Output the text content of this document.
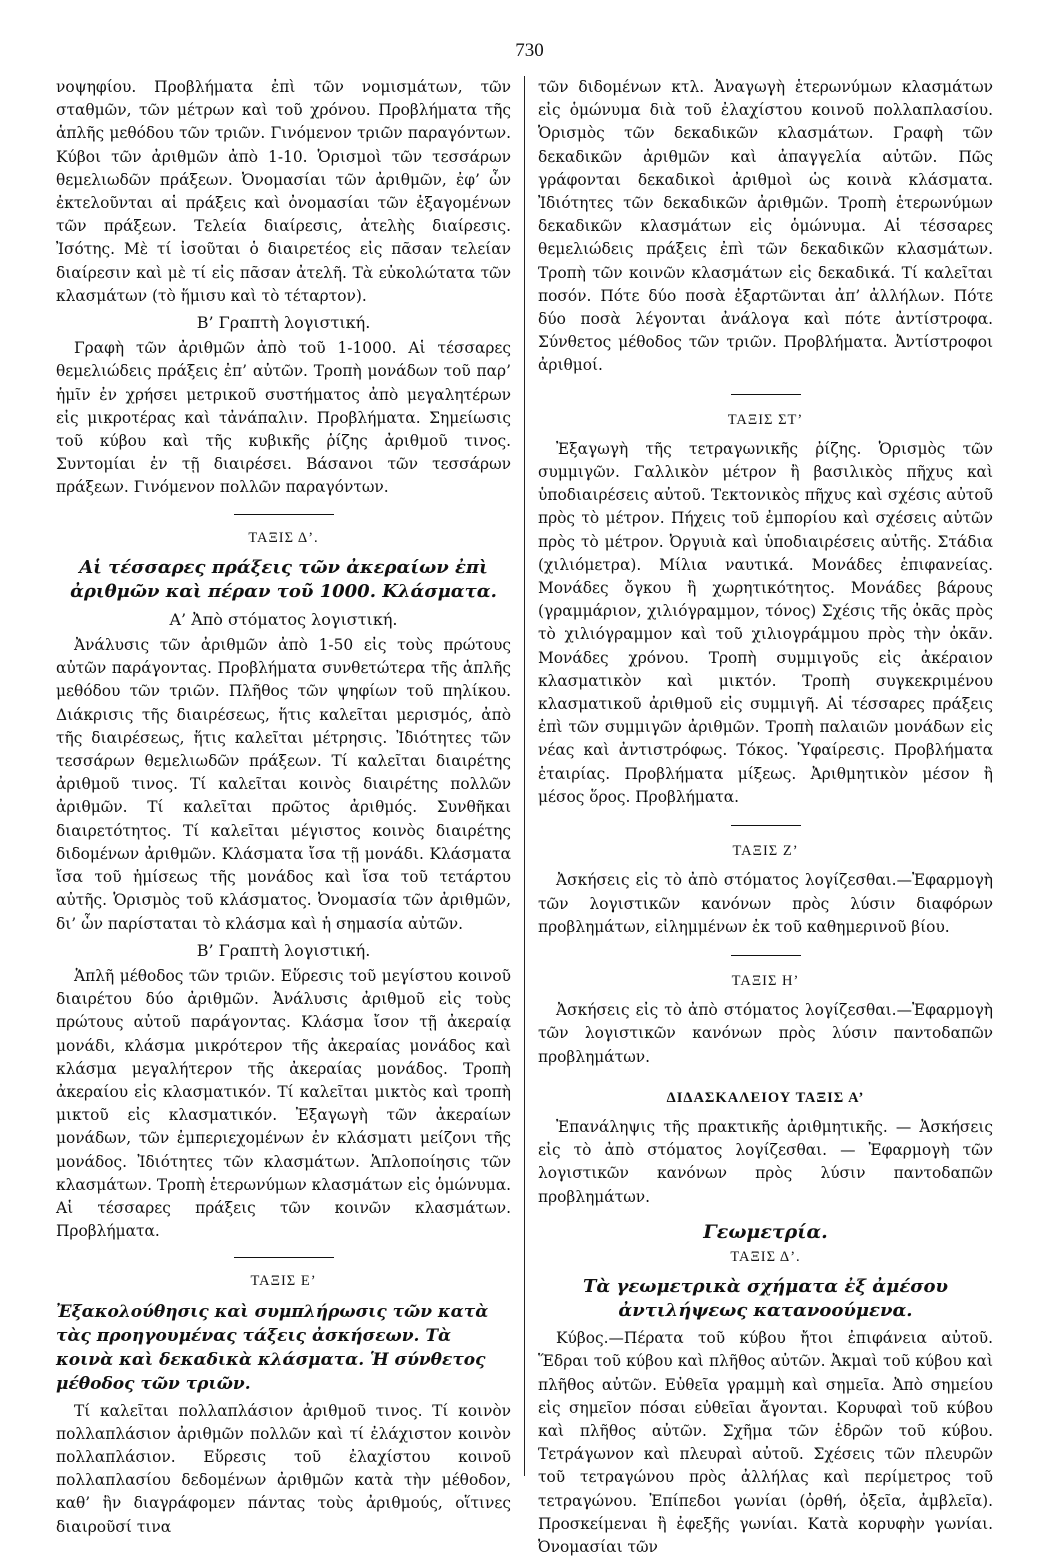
730

νοψηφίου. Προβλήματα ἐπὶ τῶν νομισμάτων, τῶν σταθμῶν, τῶν μέτρων καὶ τοῦ χρόνου. Προβλήματα τῆς ἁπλῆς μεθόδου τῶν τριῶν. Γινόμενον τριῶν παραγόντων. Κύβοι τῶν ἀριθμῶν ἀπὸ 1-10. Ὁρισμοὶ τῶν τεσσάρων θεμελιωδῶν πράξεων. Ὀνομασίαι τῶν ἀριθμῶν, ἐφ’ ὧν ἐκτελοῦνται αἱ πράξεις καὶ ὀνομασίαι τῶν ἐξαγομένων τῶν πράξεων. Τελεία διαίρεσις, ἀτελὴς διαίρεσις. Ἰσότης. Μὲ τί ἰσοῦται ὁ διαιρετέος εἰς πᾶσαν τελείαν διαίρεσιν καὶ μὲ τί εἰς πᾶσαν ἀτελῆ. Τὰ εὐκολώτατα τῶν κλασμάτων (τὸ ἥμισυ καὶ τὸ τέταρτον).

Β’ Γραπτὴ λογιστική.

Γραφὴ τῶν ἀριθμῶν ἀπὸ τοῦ 1-1000. Αἱ τέσσαρες θεμελιώδεις πράξεις ἐπ’ αὐτῶν. Τροπὴ μονάδων τοῦ παρ’ ἡμῖν ἐν χρήσει μετρικοῦ συστήματος ἀπὸ μεγαλητέρων εἰς μικροτέρας καὶ τἀνάπαλιν. Προβλήματα. Σημείωσις τοῦ κύβου καὶ τῆς κυβικῆς ῥίζης ἀριθμοῦ τινος. Συντομίαι ἐν τῇ διαιρέσει. Βάσανοι τῶν τεσσάρων πράξεων. Γινόμενον πολλῶν παραγόντων.

ΤΑΞΙΣ Δ’.
Αἱ τέσσαρες πράξεις τῶν ἀκεραίων ἐπὶ ἀριθμῶν καὶ πέραν τοῦ 1000. Κλάσματα.
Α’ Ἀπὸ στόματος λογιστική.

Ἀνάλυσις τῶν ἀριθμῶν ἀπὸ 1-50 εἰς τοὺς πρώτους αὐτῶν παράγοντας. Προβλήματα συνθετώτερα τῆς ἁπλῆς μεθόδου τῶν τριῶν. Πλῆθος τῶν ψηφίων τοῦ πηλίκου. Διάκρισις τῆς διαιρέσεως, ἥτις καλεῖται μερισμός, ἀπὸ τῆς διαιρέσεως, ἥτις καλεῖται μέτρησις. Ἰδιότητες τῶν τεσσάρων θεμελιωδῶν πράξεων. Τί καλεῖται διαιρέτης ἀριθμοῦ τινος. Τί καλεῖται κοινὸς διαιρέτης πολλῶν ἀριθμῶν. Τί καλεῖται πρῶτος ἀριθμός. Συνθῆκαι διαιρετότητος. Τί καλεῖται μέγιστος κοινὸς διαιρέτης διδομένων ἀριθμῶν. Κλάσματα ἴσα τῇ μονάδι. Κλάσματα ἴσα τοῦ ἡμίσεως τῆς μονάδος καὶ ἴσα τοῦ τετάρτου αὐτῆς. Ὁρισμὸς τοῦ κλάσματος. Ὀνομασία τῶν ἀριθμῶν, δι’ ὧν παρίσταται τὸ κλάσμα καὶ ἡ σημασία αὐτῶν.

Β’ Γραπτὴ λογιστική.

Ἁπλῆ μέθοδος τῶν τριῶν. Εὕρεσις τοῦ μεγίστου κοινοῦ διαιρέτου δύο ἀριθμῶν. Ἀνάλυσις ἀριθμοῦ εἰς τοὺς πρώτους αὐτοῦ παράγοντας. Κλάσμα ἴσον τῇ ἀκεραίᾳ μονάδι, κλάσμα μικρότερον τῆς ἀκεραίας μονάδος καὶ κλάσμα μεγαλήτερον τῆς ἀκεραίας μονάδος. Τροπὴ ἀκεραίου εἰς κλασματικόν. Τί καλεῖται μικτὸς καὶ τροπὴ μικτοῦ εἰς κλασματικόν. Ἐξαγωγὴ τῶν ἀκεραίων μονάδων, τῶν ἐμπεριεχομένων ἐν κλάσματι μείζονι τῆς μονάδος. Ἰδιότητες τῶν κλασμάτων. Ἁπλοποίησις τῶν κλασμάτων. Τροπὴ ἑτερωνύμων κλασμάτων εἰς ὁμώνυμα. Αἱ τέσσαρες πράξεις τῶν κοινῶν κλασμάτων. Προβλήματα.

ΤΑΞΙΣ Ε’
Ἐξακολούθησις καὶ συμπλήρωσις τῶν κατὰ τὰς προηγουμένας τάξεις ἀσκήσεων. Τὰ κοινὰ καὶ δεκαδικὰ κλάσματα. Ἡ σύνθετος μέθοδος τῶν τριῶν.

Τί καλεῖται πολλαπλάσιον ἀριθμοῦ τινος. Τί κοινὸν πολλαπλάσιον ἀριθμῶν πολλῶν καὶ τί ἐλάχιστον κοινὸν πολλαπλάσιον. Εὕρεσις τοῦ ἐλαχίστου κοινοῦ πολλαπλασίου δεδομένων ἀριθμῶν κατὰ τὴν μέθοδον, καθ’ ἣν διαγράφομεν πάντας τοὺς ἀριθμούς, οἵτινες διαιροῦσί τινα

τῶν διδομένων κτλ. Ἀναγωγὴ ἑτερωνύμων κλασμάτων εἰς ὁμώνυμα διὰ τοῦ ἐλαχίστου κοινοῦ πολλαπλασίου. Ὁρισμὸς τῶν δεκαδικῶν κλασμάτων. Γραφὴ τῶν δεκαδικῶν ἀριθμῶν καὶ ἀπαγγελία αὐτῶν. Πῶς γράφονται δεκαδικοὶ ἀριθμοὶ ὡς κοινὰ κλάσματα. Ἰδιότητες τῶν δεκαδικῶν ἀριθμῶν. Τροπὴ ἑτερωνύμων δεκαδικῶν κλασμάτων εἰς ὁμώνυμα. Αἱ τέσσαρες θεμελιώδεις πράξεις ἐπὶ τῶν δεκαδικῶν κλασμάτων. Τροπὴ τῶν κοινῶν κλασμάτων εἰς δεκαδικά. Τί καλεῖται ποσόν. Πότε δύο ποσὰ ἐξαρτῶνται ἀπ’ ἀλλήλων. Πότε δύο ποσὰ λέγονται ἀνάλογα καὶ πότε ἀντίστροφα. Σύνθετος μέθοδος τῶν τριῶν. Προβλήματα. Ἀντίστροφοι ἀριθμοί.

ΤΑΞΙΣ ΣΤ’

Ἐξαγωγὴ τῆς τετραγωνικῆς ῥίζης. Ὁρισμὸς τῶν συμμιγῶν. Γαλλικὸν μέτρον ἢ βασιλικὸς πῆχυς καὶ ὑποδιαιρέσεις αὐτοῦ. Τεκτονικὸς πῆχυς καὶ σχέσις αὐτοῦ πρὸς τὸ μέτρον. Πήχεις τοῦ ἐμπορίου καὶ σχέσεις αὐτῶν πρὸς τὸ μέτρον. Ὀργυιὰ καὶ ὑποδιαιρέσεις αὐτῆς. Στάδια (χιλιόμετρα). Μίλια ναυτικά. Μονάδες ἐπιφανείας. Μονάδες ὄγκου ἢ χωρητικότητος. Μονάδες βάρους (γραμμάριον, χιλιόγραμμον, τόνος) Σχέσις τῆς ὀκᾶς πρὸς τὸ χιλιόγραμμον καὶ τοῦ χιλιογράμμου πρὸς τὴν ὀκᾶν. Μονάδες χρόνου. Τροπὴ συμμιγοῦς εἰς ἀκέραιον κλασματικὸν καὶ μικτόν. Τροπὴ συγκεκριμένου κλασματικοῦ ἀριθμοῦ εἰς συμμιγῆ. Αἱ τέσσαρες πράξεις ἐπὶ τῶν συμμιγῶν ἀριθμῶν. Τροπὴ παλαιῶν μονάδων εἰς νέας καὶ ἀντιστρόφως. Τόκος. Ὑφαίρεσις. Προβλήματα ἑταιρίας. Προβλήματα μίξεως. Ἀριθμητικὸν μέσον ἢ μέσος ὅρος. Προβλήματα.

ΤΑΞΙΣ Ζ’

Ἀσκήσεις εἰς τὸ ἀπὸ στόματος λογίζεσθαι.—Ἐφαρμογὴ τῶν λογιστικῶν κανόνων πρὸς λύσιν διαφόρων προβλημάτων, εἰλημμένων ἐκ τοῦ καθημερινοῦ βίου.

ΤΑΞΙΣ Η’

Ἀσκήσεις εἰς τὸ ἀπὸ στόματος λογίζεσθαι.—Ἐφαρμογὴ τῶν λογιστικῶν κανόνων πρὸς λύσιν παντοδαπῶν προβλημάτων.

ΔΙΔΑΣΚΑΛΕΙΟΥ ΤΑΞΙΣ Α’

Ἐπανάληψις τῆς πρακτικῆς ἀριθμητικῆς. — Ἀσκήσεις εἰς τὸ ἀπὸ στόματος λογίζεσθαι. — Ἐφαρμογὴ τῶν λογιστικῶν κανόνων πρὸς λύσιν παντοδαπῶν προβλημάτων.

Γεωμετρία.
ΤΑΞΙΣ Δ’.
Τὰ γεωμετρικὰ σχήματα ἐξ ἀμέσου ἀντιλήψεως κατανοούμενα.

Κύβος.—Πέρατα τοῦ κύβου ἤτοι ἐπιφάνεια αὐτοῦ. Ἕδραι τοῦ κύβου καὶ πλῆθος αὐτῶν. Ἀκμαὶ τοῦ κύβου καὶ πλῆθος αὐτῶν. Εὐθεῖα γραμμὴ καὶ σημεῖα. Ἀπὸ σημείου εἰς σημεῖον πόσαι εὐθεῖαι ἄγονται. Κορυφαὶ τοῦ κύβου καὶ πλῆθος αὐτῶν. Σχῆμα τῶν ἑδρῶν τοῦ κύβου. Τετράγωνον καὶ πλευραὶ αὐτοῦ. Σχέσεις τῶν πλευρῶν τοῦ τετραγώνου πρὸς ἀλλήλας καὶ περίμετρος τοῦ τετραγώνου. Ἐπίπεδοι γωνίαι (ὀρθή, ὀξεῖα, ἀμβλεῖα). Προσκείμεναι ἢ ἐφεξῆς γωνίαι. Κατὰ κορυφὴν γωνίαι. Ὀνομασίαι τῶν
